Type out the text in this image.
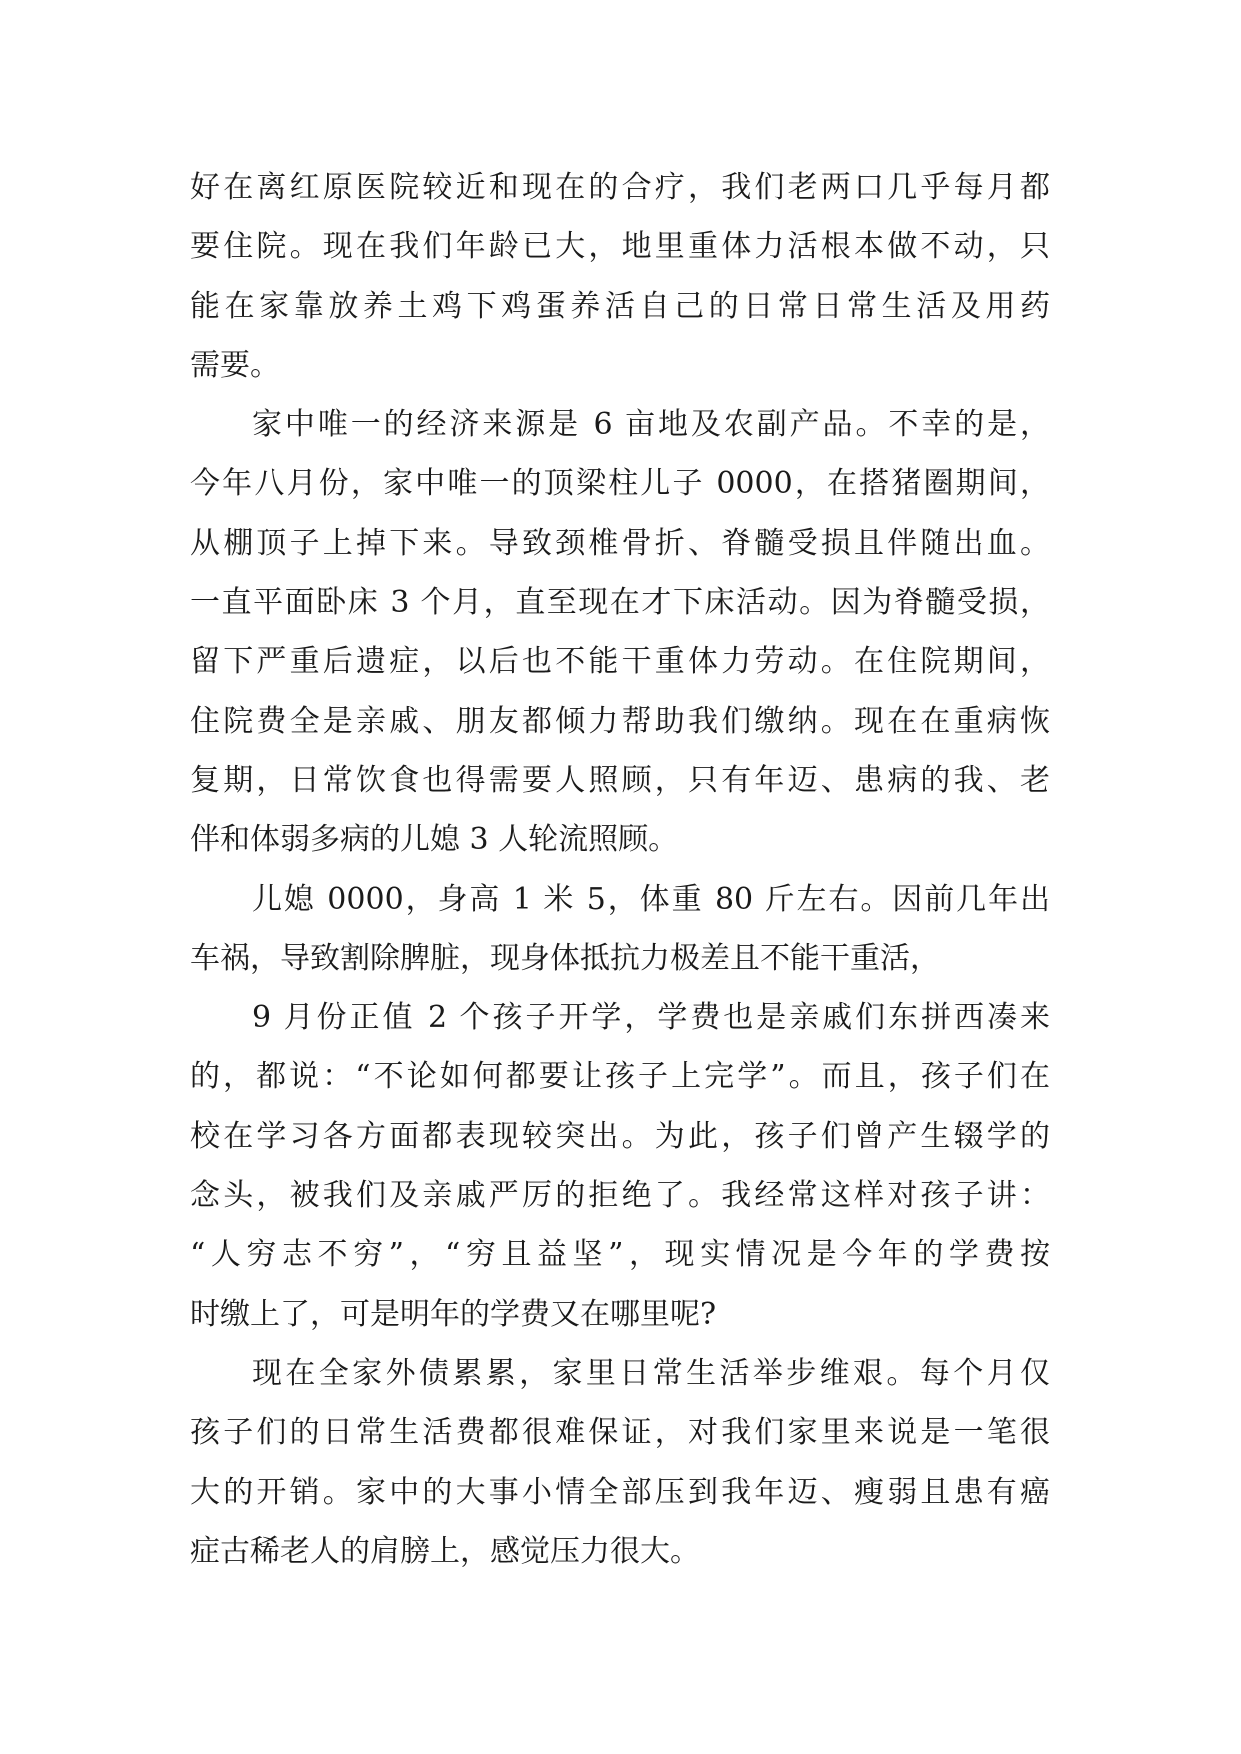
好在离红原医院较近和现在的合疗，我们老两口几乎每月都
要住院。现在我们年龄已大，地里重体力活根本做不动，只
能在家靠放养土鸡下鸡蛋养活自己的日常日常生活及用药
需要。
家中唯一的经济来源是 6 亩地及农副产品。不幸的是，
今年八月份，家中唯一的顶梁柱儿子 0000，在搭猪圈期间，
从棚顶子上掉下来。导致颈椎骨折、脊髓受损且伴随出血。
一直平面卧床 3 个月，直至现在才下床活动。因为脊髓受损，
留下严重后遗症，以后也不能干重体力劳动。在住院期间，
住院费全是亲戚、朋友都倾力帮助我们缴纳。现在在重病恢
复期，日常饮食也得需要人照顾，只有年迈、患病的我、老
伴和体弱多病的儿媳 3 人轮流照顾。
儿媳 0000，身高 1 米 5，体重 80 斤左右。因前几年出
车祸，导致割除脾脏，现身体抵抗力极差且不能干重活，
9 月份正值 2 个孩子开学，学费也是亲戚们东拼西凑来
的，都说：“不论如何都要让孩子上完学”。而且，孩子们在
校在学习各方面都表现较突出。为此，孩子们曾产生辍学的
念头，被我们及亲戚严厉的拒绝了。我经常这样对孩子讲：
“人穷志不穷”，“穷且益坚”，现实情况是今年的学费按
时缴上了，可是明年的学费又在哪里呢?
现在全家外债累累，家里日常生活举步维艰。每个月仅
孩子们的日常生活费都很难保证，对我们家里来说是一笔很
大的开销。家中的大事小情全部压到我年迈、瘦弱且患有癌
症古稀老人的肩膀上，感觉压力很大。
